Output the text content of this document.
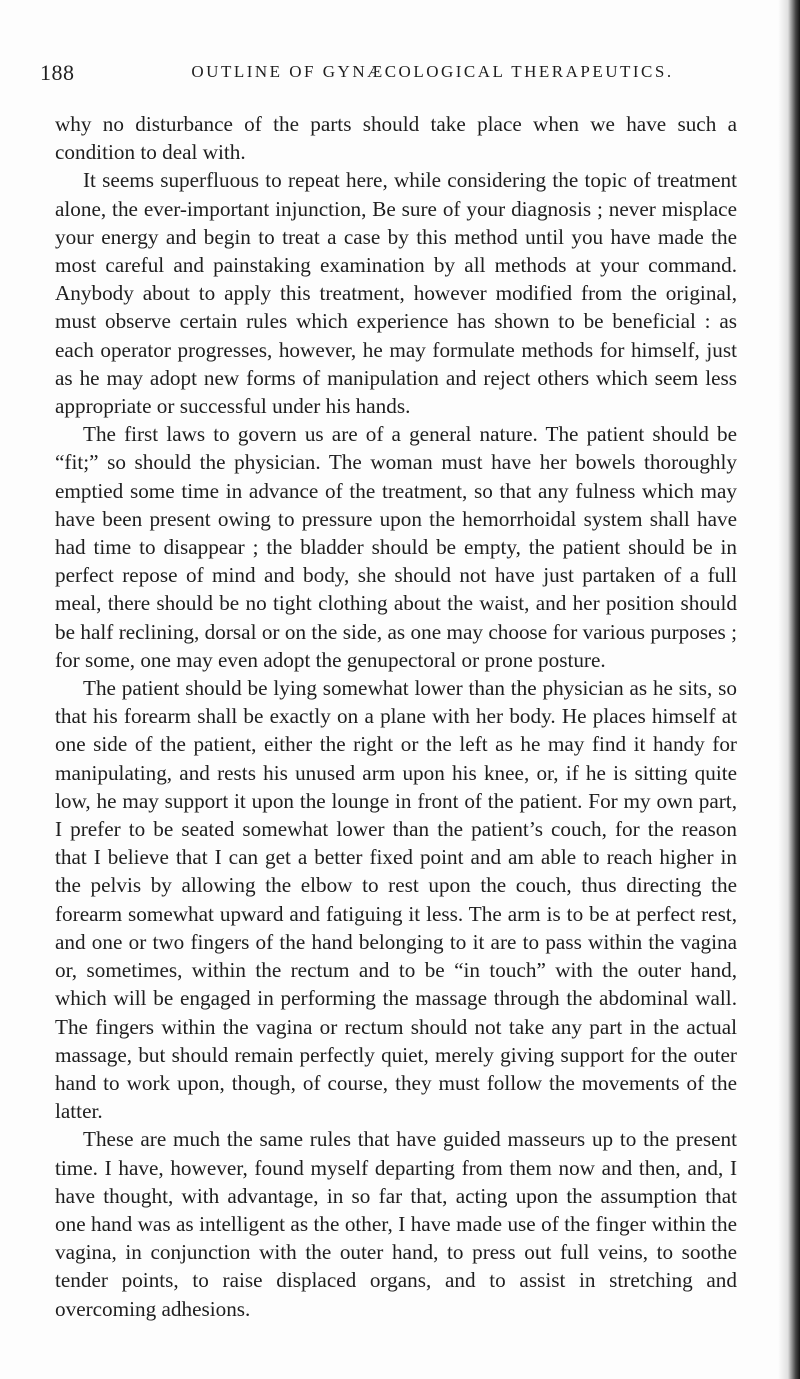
188	OUTLINE OF GYNÆCOLOGICAL THERAPEUTICS.

why no disturbance of the parts should take place when we have such a condition to deal with.

It seems superfluous to repeat here, while considering the topic of treatment alone, the ever-important injunction, Be sure of your diagnosis ; never misplace your energy and begin to treat a case by this method until you have made the most careful and painstaking examination by all methods at your command. Anybody about to apply this treatment, however modified from the original, must observe certain rules which experience has shown to be beneficial : as each operator progresses, however, he may formulate methods for himself, just as he may adopt new forms of manipulation and reject others which seem less appropriate or successful under his hands.

The first laws to govern us are of a general nature. The patient should be “fit;” so should the physician. The woman must have her bowels thoroughly emptied some time in advance of the treatment, so that any fulness which may have been present owing to pressure upon the hemorrhoidal system shall have had time to disappear ; the bladder should be empty, the patient should be in perfect repose of mind and body, she should not have just partaken of a full meal, there should be no tight clothing about the waist, and her position should be half reclining, dorsal or on the side, as one may choose for various purposes ; for some, one may even adopt the genupectoral or prone posture.

The patient should be lying somewhat lower than the physician as he sits, so that his forearm shall be exactly on a plane with her body. He places himself at one side of the patient, either the right or the left as he may find it handy for manipulating, and rests his unused arm upon his knee, or, if he is sitting quite low, he may support it upon the lounge in front of the patient. For my own part, I prefer to be seated somewhat lower than the patient’s couch, for the reason that I believe that I can get a better fixed point and am able to reach higher in the pelvis by allowing the elbow to rest upon the couch, thus directing the forearm somewhat upward and fatiguing it less. The arm is to be at perfect rest, and one or two fingers of the hand belonging to it are to pass within the vagina or, sometimes, within the rectum and to be “in touch” with the outer hand, which will be engaged in performing the massage through the abdominal wall. The fingers within the vagina or rectum should not take any part in the actual massage, but should remain perfectly quiet, merely giving support for the outer hand to work upon, though, of course, they must follow the movements of the latter.

These are much the same rules that have guided masseurs up to the present time. I have, however, found myself departing from them now and then, and, I have thought, with advantage, in so far that, acting upon the assumption that one hand was as intelligent as the other, I have made use of the finger within the vagina, in conjunction with the outer hand, to press out full veins, to soothe tender points, to raise displaced organs, and to assist in stretching and overcoming adhesions.
